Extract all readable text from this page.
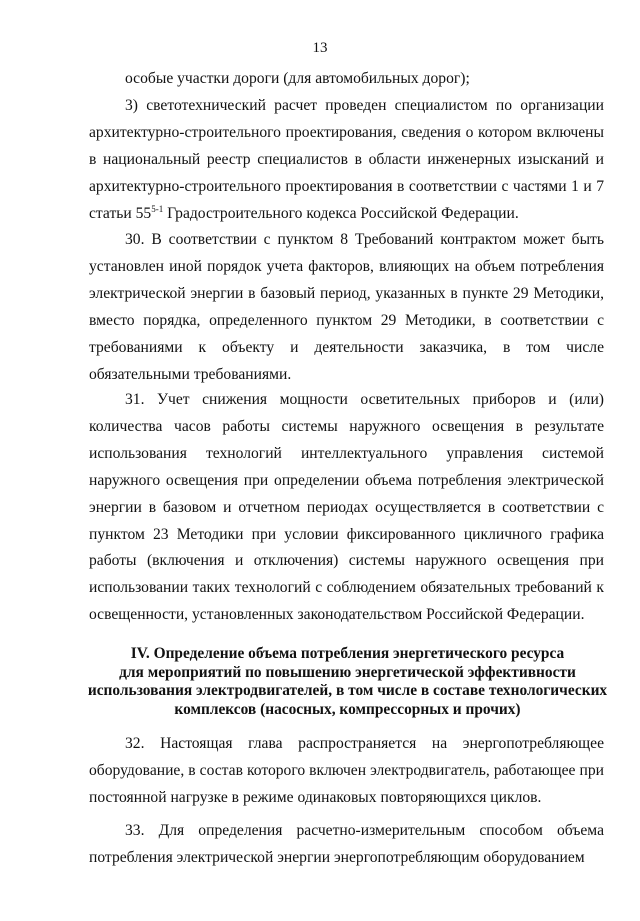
13

особые участки дороги (для автомобильных дорог);

3) светотехнический расчет проведен специалистом по организации архитектурно-строительного проектирования, сведения о котором включены в национальный реестр специалистов в области инженерных изысканий и архитектурно-строительного проектирования в соответствии с частями 1 и 7 статьи 55$^{5-1}$ Градостроительного кодекса Российской Федерации.

30. В соответствии с пунктом 8 Требований контрактом может быть установлен иной порядок учета факторов, влияющих на объем потребления электрической энергии в базовый период, указанных в пункте 29 Методики, вместо порядка, определенного пунктом 29 Методики, в соответствии с требованиями к объекту и деятельности заказчика, в том числе обязательными требованиями.

31. Учет снижения мощности осветительных приборов и (или) количества часов работы системы наружного освещения в результате использования технологий интеллектуального управления системой наружного освещения при определении объема потребления электрической энергии в базовом и отчетном периодах осуществляется в соответствии с пунктом 23 Методики при условии фиксированного цикличного графика работы (включения и отключения) системы наружного освещения при использовании таких технологий с соблюдением обязательных требований к освещенности, установленных законодательством Российской Федерации.

IV. Определение объема потребления энергетического ресурса
для мероприятий по повышению энергетической эффективности
использования электродвигателей, в том числе в составе технологических
комплексов (насосных, компрессорных и прочих)

32. Настоящая глава распространяется на энергопотребляющее оборудование, в состав которого включен электродвигатель, работающее при постоянной нагрузке в режиме одинаковых повторяющихся циклов.

33. Для определения расчетно-измерительным способом объема потребления электрической энергии энергопотребляющим оборудованием
